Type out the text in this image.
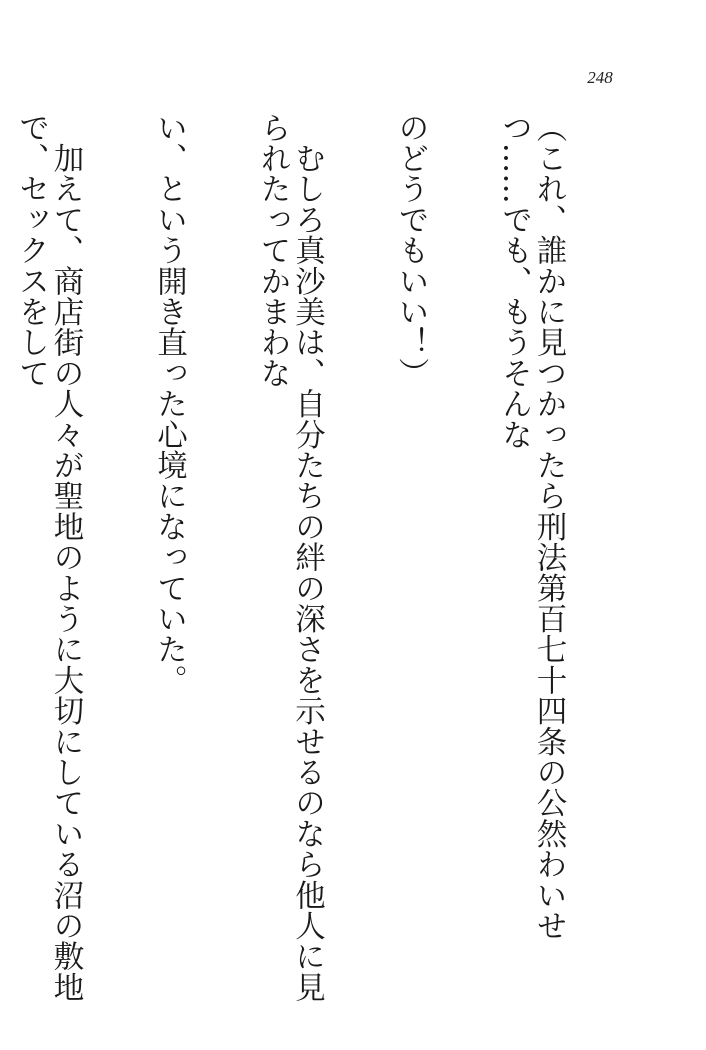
248

（これ、誰かに見つかったら刑法第百七十四条の公然わいせつ……でも、もうそんな

のどうでもいい！）

　むしろ真沙美は、自分たちの絆の深さを示せるのなら他人に見られたってかまわな

い、という開き直った心境になっていた。

　加えて、商店街の人々が聖地のように大切にしている沼の敷地で、セックスをして
